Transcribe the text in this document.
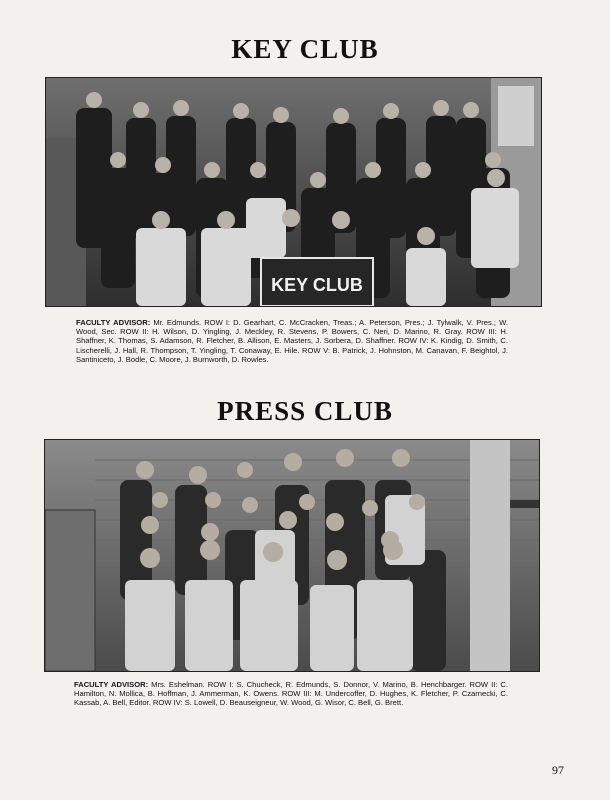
KEY CLUB
KEY CLUB
FACULTY ADVISOR: Mr. Edmunds. ROW I: D. Gearhart, C. McCracken, Treas.; A. Peterson, Pres.; J. Tylwalk, V. Pres.; W. Wood, Sec. ROW II: H. Wilson, D. Yingling, J. Meckley, R. Stevens, P. Bowers, C. Neri, D. Marino, R. Gray. ROW III: H. Shaffner, K. Thomas, S. Adamson, R. Fletcher, B. Allison, E. Masters, J. Sorbera, D. Shaffner. ROW IV: K. Kindig, D. Smith, C. Lischerelli, J. Hall, R. Thompson, T. Yingling, T. Conaway, E. Hile. ROW V: B. Patrick, J. Hohnston, M. Canavan, F. Beightol, J. Santiniceto, J. Bodle, C. Moore, J. Burnworth, D. Rowles.
PRESS CLUB
FACULTY ADVISOR: Mrs. Eshelman. ROW I: S. Chucheck, R. Edmunds, S. Donnor, V. Marino, B. Henchbarger. ROW II: C. Hamilton, N. Mollica, B. Hoffman, J. Ammerman, K. Owens. ROW III: M. Undercoffer, D. Hughes, K. Fletcher, P. Czarnecki, C. Kassab, A. Bell, Editor. ROW IV: S. Lowell, D. Beauseigneur, W. Wood, G. Wisor, C. Bell, G. Brett.
97
